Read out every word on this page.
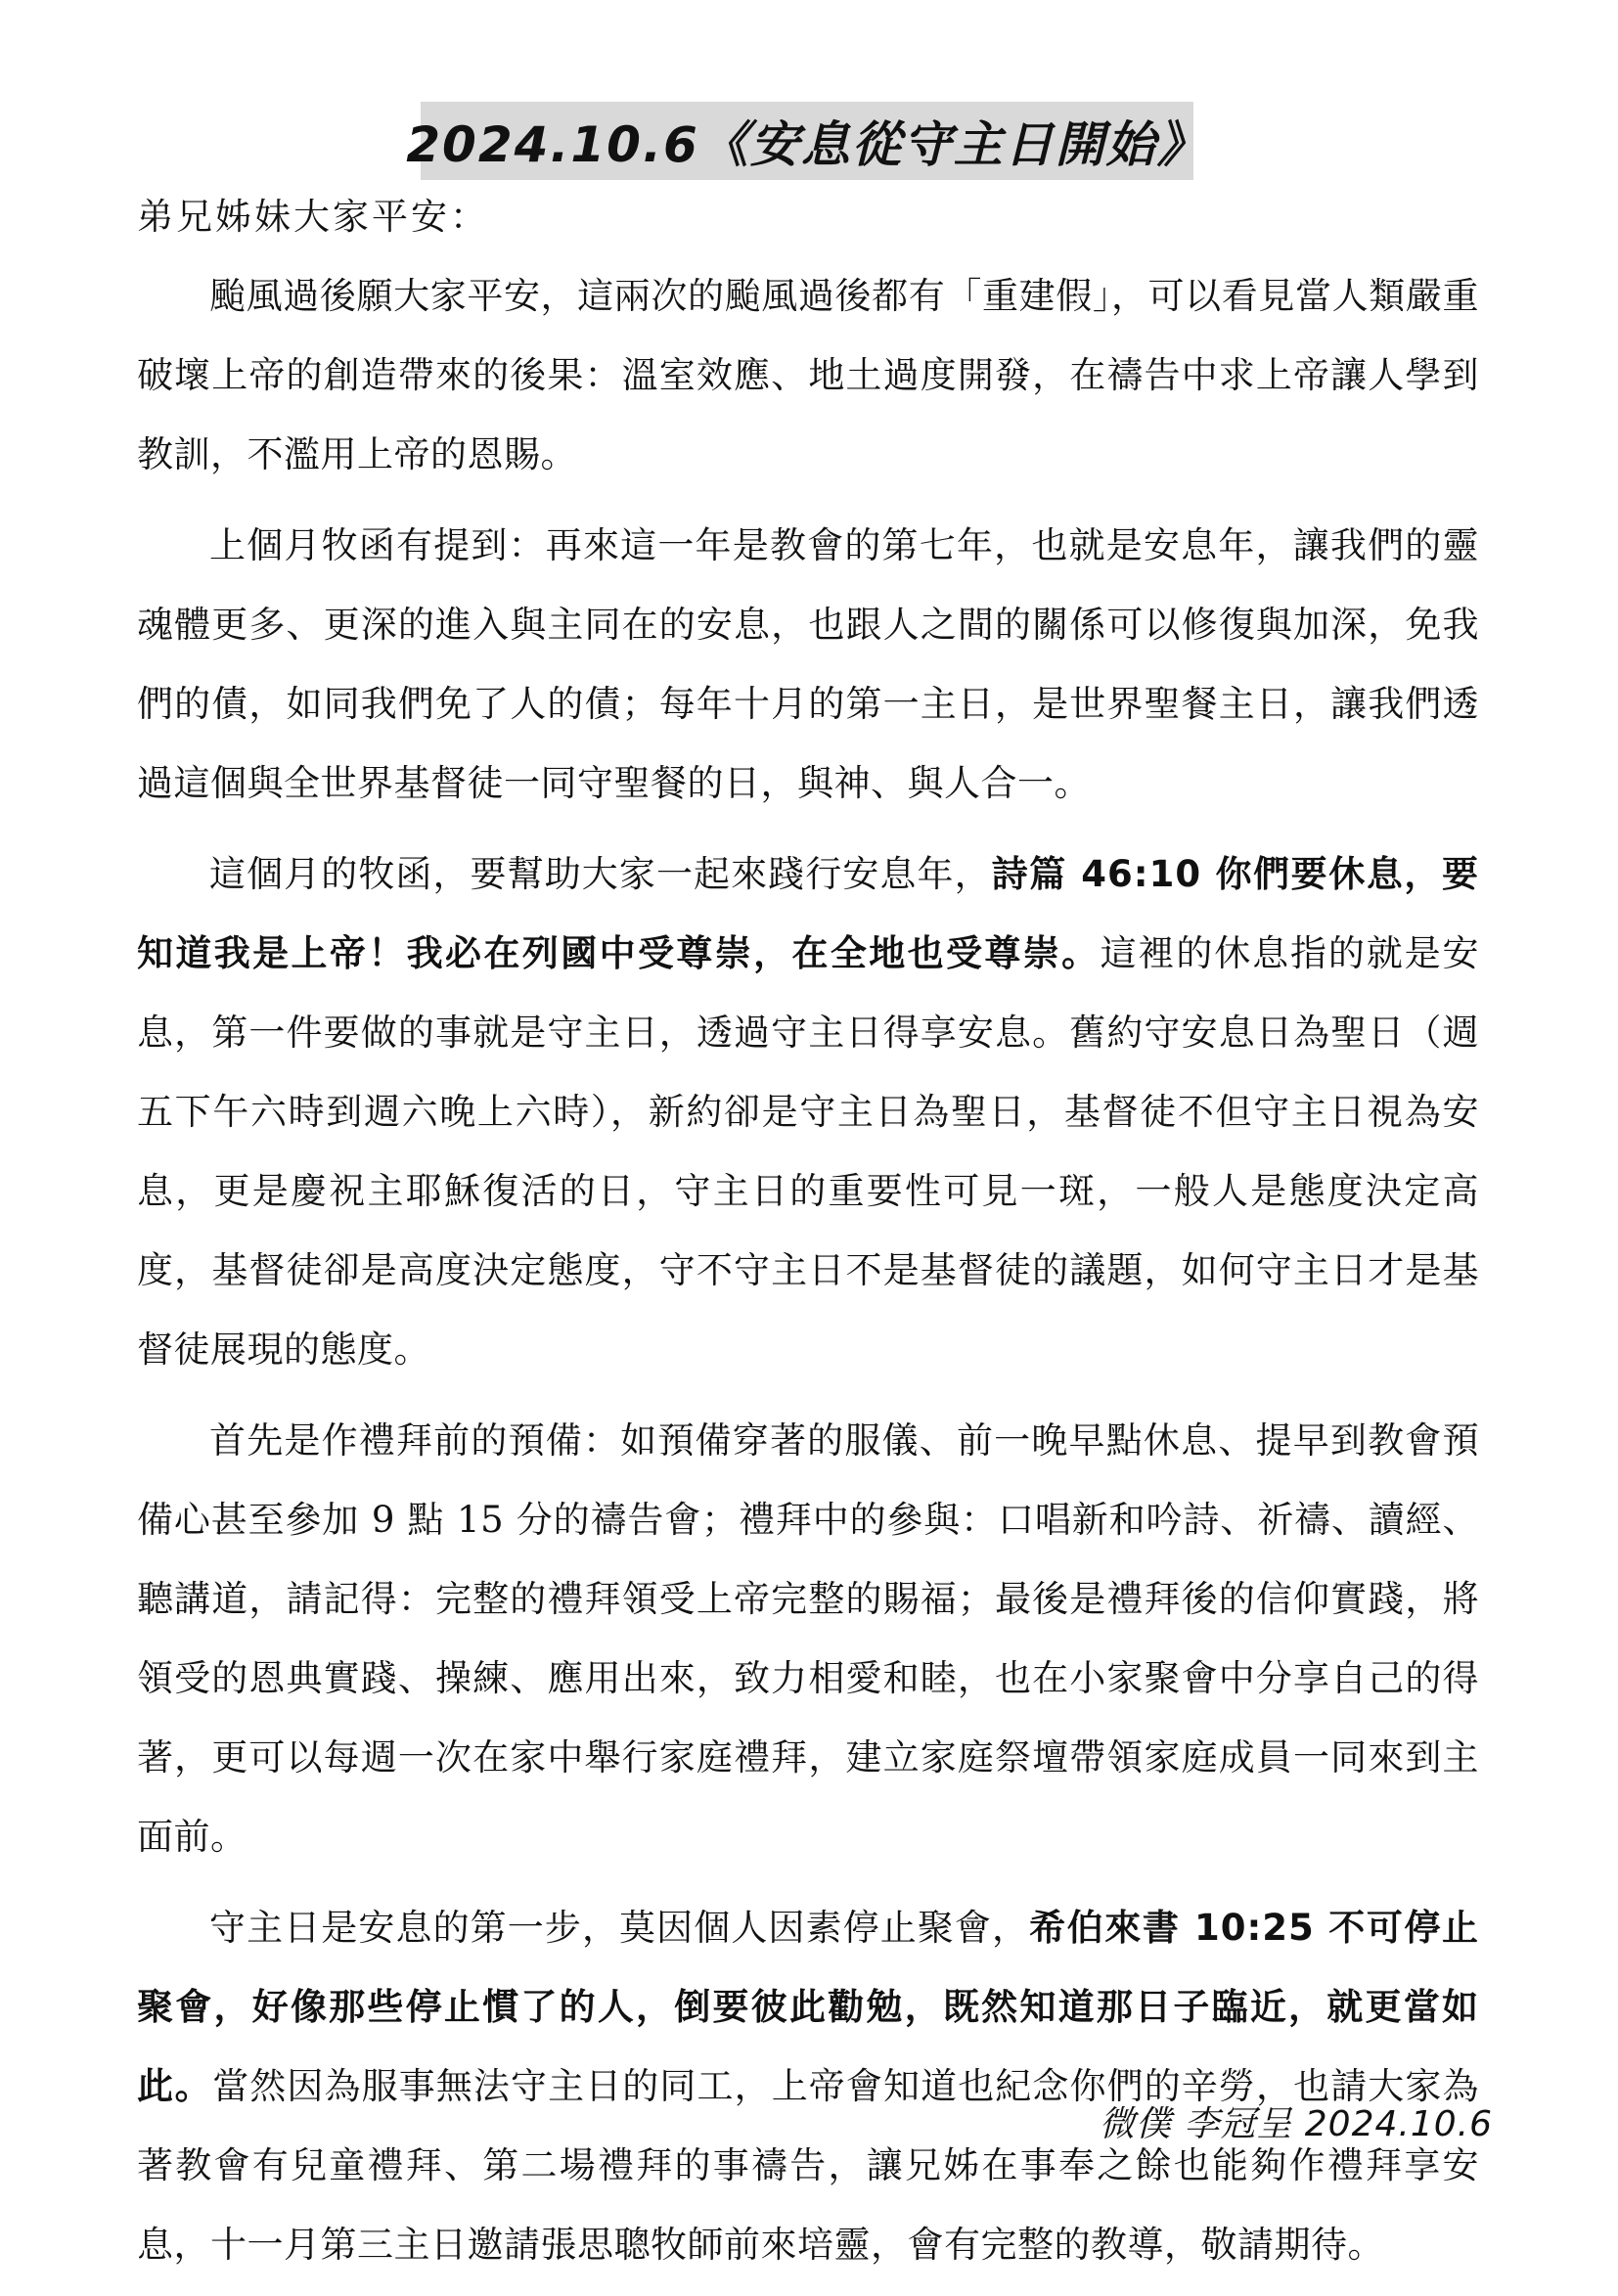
2024.10.6《安息從守主日開始》
弟兄姊妹大家平安：

颱風過後願大家平安，這兩次的颱風過後都有「重建假」，可以看見當人類嚴重破壞上帝的創造帶來的後果：溫室效應、地土過度開發，在禱告中求上帝讓人學到教訓，不濫用上帝的恩賜。

上個月牧函有提到：再來這一年是教會的第七年，也就是安息年，讓我們的靈魂體更多、更深的進入與主同在的安息，也跟人之間的關係可以修復與加深，免我們的債，如同我們免了人的債；每年十月的第一主日，是世界聖餐主日，讓我們透過這個與全世界基督徒一同守聖餐的日，與神、與人合一。

這個月的牧函，要幫助大家一起來踐行安息年，詩篇 46:10 你們要休息，要知道我是上帝！我必在列國中受尊崇，在全地也受尊崇。這裡的休息指的就是安息，第一件要做的事就是守主日，透過守主日得享安息。舊約守安息日為聖日（週五下午六時到週六晚上六時），新約卻是守主日為聖日，基督徒不但守主日視為安息，更是慶祝主耶穌復活的日，守主日的重要性可見一斑，一般人是態度決定高度，基督徒卻是高度決定態度，守不守主日不是基督徒的議題，如何守主日才是基督徒展現的態度。

首先是作禮拜前的預備：如預備穿著的服儀、前一晚早點休息、提早到教會預備心甚至參加 9 點 15 分的禱告會；禮拜中的參與：口唱新和吟詩、祈禱、讀經、聽講道，請記得：完整的禮拜領受上帝完整的賜福；最後是禮拜後的信仰實踐，將領受的恩典實踐、操練、應用出來，致力相愛和睦，也在小家聚會中分享自己的得著，更可以每週一次在家中舉行家庭禮拜，建立家庭祭壇帶領家庭成員一同來到主面前。

守主日是安息的第一步，莫因個人因素停止聚會，希伯來書 10:25 不可停止聚會，好像那些停止慣了的人，倒要彼此勸勉，既然知道那日子臨近，就更當如此。當然因為服事無法守主日的同工，上帝會知道也紀念你們的辛勞，也請大家為著教會有兒童禮拜、第二場禮拜的事禱告，讓兄姊在事奉之餘也能夠作禮拜享安息，十一月第三主日邀請張思聰牧師前來培靈，會有完整的教導，敬請期待。

微僕 李冠呈 2024.10.6
